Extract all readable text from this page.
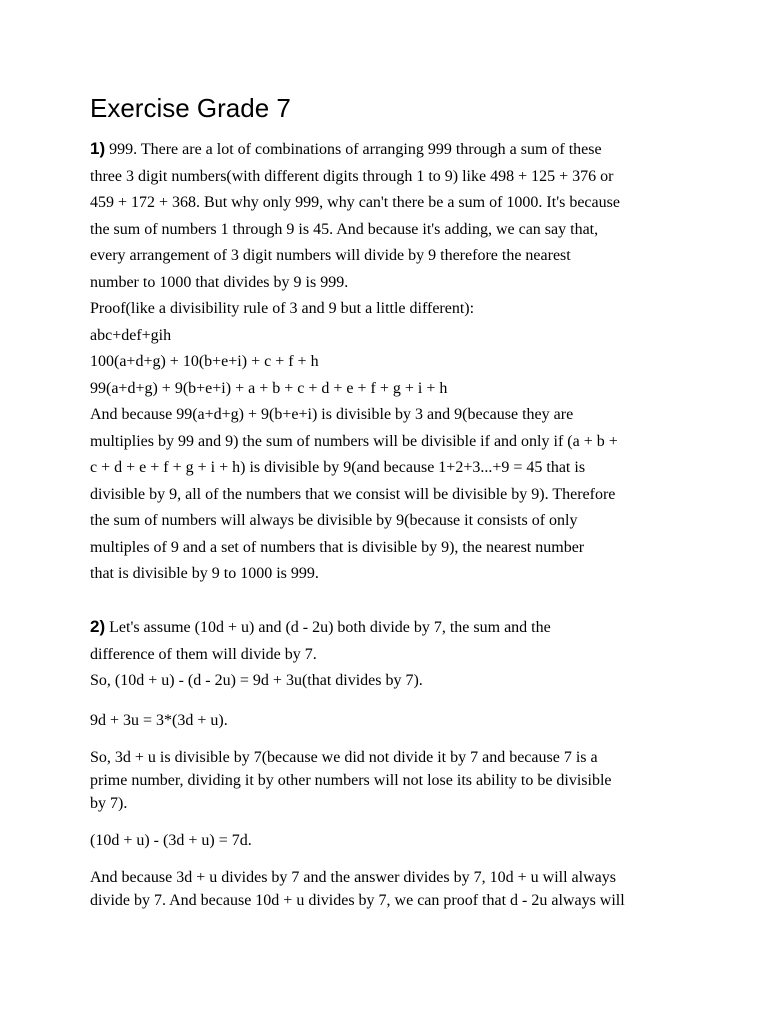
Exercise Grade 7
1) 999. There are a lot of combinations of arranging 999 through a sum of these
three 3 digit numbers(with different digits through 1 to 9) like 498 + 125 + 376 or
459 + 172 + 368. But why only 999, why can't there be a sum of 1000. It's because
the sum of numbers 1 through 9 is 45. And because it's adding, we can say that,
every arrangement of 3 digit numbers will divide by 9 therefore the nearest
number to 1000 that divides by 9 is 999.
Proof(like a divisibility rule of 3 and 9 but a little different):
abc+def+gih
100(a+d+g) + 10(b+e+i) + c + f + h
99(a+d+g) + 9(b+e+i) + a + b + c + d + e + f + g + i + h
And because 99(a+d+g) + 9(b+e+i) is divisible by 3 and 9(because they are
multiplies by 99 and 9) the sum of numbers will be divisible if and only if (a + b +
c + d + e + f + g + i + h) is divisible by 9(and because 1+2+3...+9 = 45 that is
divisible by 9, all of the numbers that we consist will be divisible by 9). Therefore
the sum of numbers will always be divisible by 9(because it consists of only
multiples of 9 and a set of numbers that is divisible by 9), the nearest number
that is divisible by 9 to 1000 is 999.
2) Let's assume (10d + u) and (d - 2u) both divide by 7, the sum and the
difference of them will divide by 7.
So, (10d + u) - (d - 2u) = 9d + 3u(that divides by 7).
9d + 3u = 3*(3d + u).
So, 3d + u is divisible by 7(because we did not divide it by 7 and because 7 is a
prime number, dividing it by other numbers will not lose its ability to be divisible
by 7).
(10d + u) - (3d + u) = 7d.
And because 3d + u divides by 7 and the answer divides by 7, 10d + u will always
divide by 7. And because 10d + u divides by 7, we can proof that d - 2u always will
